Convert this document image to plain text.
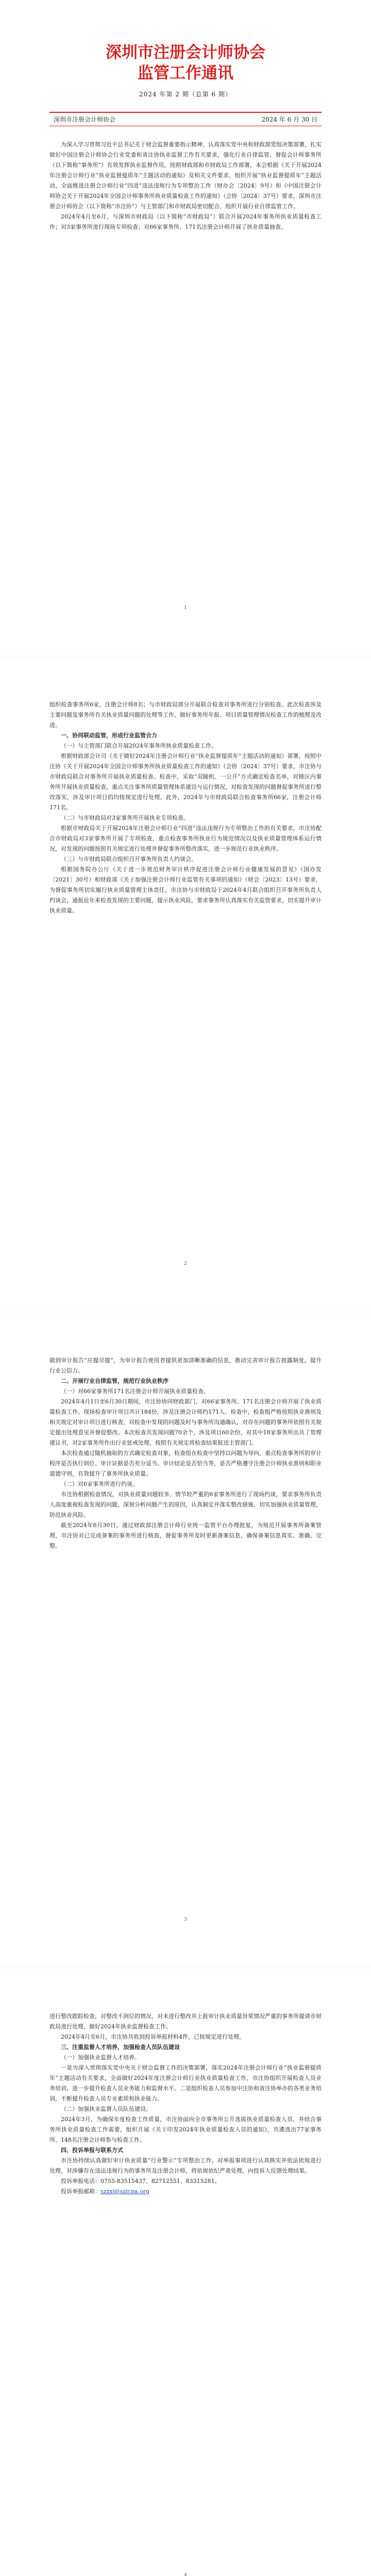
深圳市注册会计师协会
监管工作通讯
2024 年第 2 期（总第 6 期）
深圳市注册会计师协会	2024 年 6 月 30 日

为深入学习贯彻习近平总书记关于财会监督重要指示精神，认真落实党中央和财政部党组决策部署，扎实做好中国注册会计师协会行业党委和省注协执业监督工作有关要求，强化行业自律监管，督促会计师事务所（以下简称“事务所”）有效发挥执业监督作用，按照财政部和市财政局工作部署，本会根据《关于开展2024年注册会计师行业“执业监督提质年”主题活动的通知》及相关文件要求，组织开展“执业监督提质年”主题活动，全面推进注册会计师行业“四进”违法违规行为专项整治工作（财办会〔2024〕9号）和《中国注册会计师协会关于开展2024年全国会计师事务所执业质量检查工作的通知》（会协〔2024〕37号）要求，深圳市注册会计师协会（以下简称“市注协”）与主管部门和市财政局密切配合，组织开展行业自律监管工作。

2024年4月至6月，与深圳市财政局（以下简称“市财政局”）联合开展2024年事务所执业质量检查工作；对3家事务所进行现场专项检查；对66家事务所、171名注册会计师开展了执业质量抽查。

1

组织检查事务所6家，注册会计师8名；与市财政局部分开展联合检查对事务所进行分别检查。此次检查涉及主要问题及事务所有关执业质量问题的处理等工作，做好事务所年报、项目质量管理情况检查工作的梳理及改进。

一、协同联动监管，形成行业监管合力

（一）与主管部门联合开展2024年事务所执业质量检查工作。

根据财政部会计司《关于做好2024年注册会计师行业“执业监督提质年”主题活动的通知》部署，按照中注协《关于开展2024年全国会计师事务所执业质量检查工作的通知》（会协〔2024〕37号）要求，市注协与市财政局联合对事务所开展执业质量检查。检查中，采取“双随机、一公开”方式确定检查名单，对辖区内事务所开展执业质量检查，重点关注事务所质量管理体系建设与运行情况，对检查发现的问题督促事务所进行整改落实，涉及审计项目的均按规定进行处理。此外，2024年与市财政局联合检查事务所66家，注册会计师171名。

（二）与市财政局对3家事务所开展执业专项检查。

根据市财政局关于开展2024年注册会计师行业“四进”违法违规行为专项整治工作的有关要求，市注协配合市财政局对3家事务所开展了专项检查，重点检查事务所执业行为规范情况以及执业质量管理体系运行情况，对发现的问题按照有关规定进行处理并督促事务所整改落实，进一步规范行业执业秩序。

（三）与市财政局联合组织召开事务所负责人约谈会。

根据国务院办公厅《关于进一步规范财务审计秩序促进注册会计师行业健康发展的意见》（国办发〔2021〕30号）和财政部《关于加强注册会计师行业监管有关事项的通知》（财会〔2023〕13号）要求，为督促事务所切实履行执业质量管理主体责任，市注协与市财政局于2024年4月联合组织召开事务所负责人约谈会，通报近年来检查发现的主要问题，提示执业风险，要求事务所认真落实有关监管要求，切实提升审计执业质量。

2

做到审计报告“应提尽提”，为审计报告使用者提供更加清晰准确的信息，推动完善审计报告披露制度，提升行业公信力。

二、开展行业自律监管，规范行业执业秩序

（一）对66家事务所171名注册会计师开展执业质量检查。

2024年4月1日至6月30日期间，市注协协同财政部门，对66家事务所、171名注册会计师开展了执业质量检查工作，现场检查审计项目共计184份，涉及注册会计师约171人。检查中，检查组严格按照执业准则及相关规定对审计项目进行核查，对检查中发现的问题及时与事务所沟通确认，对存在问题的事务所依照有关规定提出处理意见并督促整改。本次检查共发现问题70余个，涉及项目60余份，对其中18家事务所出具了管理建议书，对2家事务所作出行业惩戒处理，按照有关规定将检查结果报送主管部门。

本次检查通过随机抽取的方式确定检查对象，检查组在检查中坚持以问题为导向，重点检查事务所的审计程序是否执行到位、审计证据是否充分适当、审计结论是否恰当等，是否严格遵守注册会计师执业准则和职业道德守则，有效提升了事务所执业质量。

（二）对6家事务所进行约谈。

市注协根据检查情况，对执业质量问题较多、情节较严重的6家事务所进行了现场约谈，要求事务所负责人高度重视检查发现的问题，深刻分析问题产生的原因，认真制定并落实整改措施，切实加强执业质量管理，防范执业风险。

截至2024年6月30日，通过财政部注册会计师行业统一监管平台办理批复，为规范开展事务所备案管理，市注协对已完成备案的事务所进行核查，督促事务所及时更新备案信息，确保备案信息真实、准确、完整。

3

进行整改跟踪检查，对整改不到位的情况，对未进行整改并上报审计执业质量异常情况严重的事务所提请市财政局进行处理，做好2024年执业监督检查工作。

2024年4月至6月，市注协共收到投诉举报材料4件，已按规定进行处理。

三、注重监督人才培养，加强检查人员队伍建设

（一）加强执业监督人才培养。

一是为深入贯彻落实党中央关于财会监督工作的决策部署，落实2024年注册会计师行业“执业监督提质年”主题活动有关要求，全面做好2024年度注册会计师行业执业质量检查工作，市注协组织开展检查人员业务培训，进一步提升检查人员业务能力和监督水平。二是组织检查人员参加中注协和省注协举办的各类业务培训，不断提升检查人员专业素质和执业能力。

（二）加强执业监督人员队伍建设。

2024年3月，为确保年度检查工作质量，市注协面向全市事务所公开选拔执业质量检查人员，并结合事务所执业质量检查工作需要，组织开展《关于印发2024年执业质量检查人员的通知》，共遴选出77家事务所、148名注册会计师参与检查工作。

四、投诉举报与联系方式

市注协持续认真做好审计执业质量“行业警示”专项整治工作，对举报事项进行认真核实并依法依规进行处理，对涉嫌存在违法违规行为的事务所及注册会计师，将依规依纪严肃处理，向投诉人反馈处理结果。

投诉举报电话：0755-83515437、82712551、83315281。

投诉举报邮箱：szzxj@szicpa.org

4
